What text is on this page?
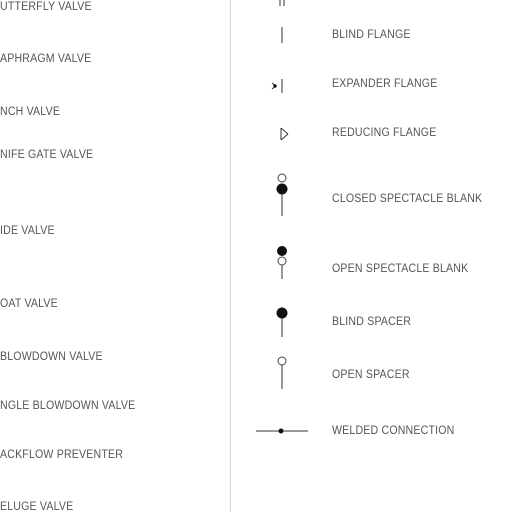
UTTERFLY VALVE
APHRAGM VALVE
NCH VALVE
NIFE GATE VALVE
IDE VALVE
OAT VALVE
BLOWDOWN VALVE
NGLE BLOWDOWN VALVE
ACKFLOW PREVENTER
ELUGE VALVE
BLIND FLANGE
EXPANDER FLANGE
REDUCING FLANGE
CLOSED SPECTACLE BLANK
OPEN SPECTACLE BLANK
BLIND SPACER
OPEN SPACER
WELDED CONNECTION
